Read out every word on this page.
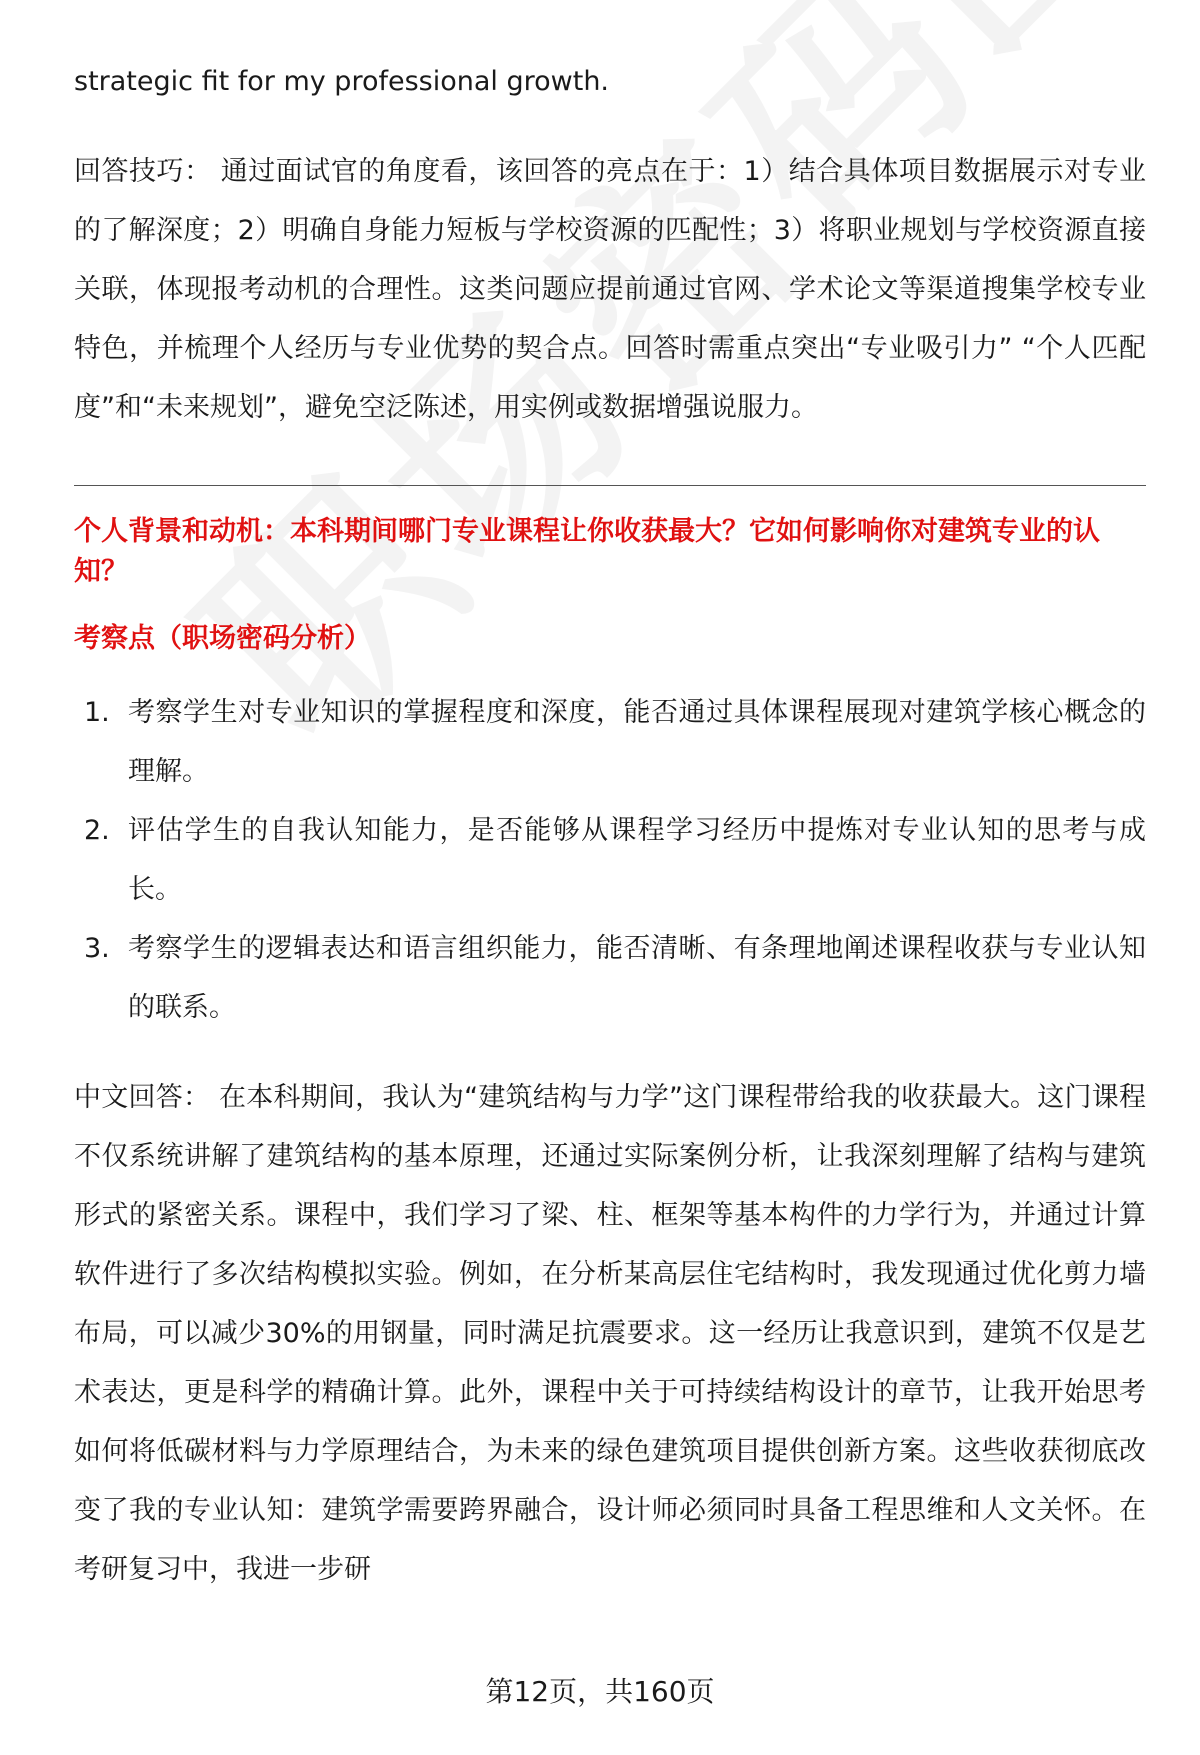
strategic fit for my professional growth.

回答技巧： 通过面试官的角度看，该回答的亮点在于：1）结合具体项目数据展示对专业的了解深度；2）明确自身能力短板与学校资源的匹配性；3）将职业规划与学校资源直接关联，体现报考动机的合理性。这类问题应提前通过官网、学术论文等渠道搜集学校专业特色，并梳理个人经历与专业优势的契合点。回答时需重点突出“专业吸引力” “个人匹配度”和“未来规划”，避免空泛陈述，用实例或数据增强说服力。

个人背景和动机：本科期间哪门专业课程让你收获最大？它如何影响你对建筑专业的认知？
考察点（职场密码分析）
1. 考察学生对专业知识的掌握程度和深度，能否通过具体课程展现对建筑学核心概念的理解。
2. 评估学生的自我认知能力，是否能够从课程学习经历中提炼对专业认知的思考与成长。
3. 考察学生的逻辑表达和语言组织能力，能否清晰、有条理地阐述课程收获与专业认知的联系。

中文回答： 在本科期间，我认为“建筑结构与力学”这门课程带给我的收获最大。这门课程不仅系统讲解了建筑结构的基本原理，还通过实际案例分析，让我深刻理解了结构与建筑形式的紧密关系。课程中，我们学习了梁、柱、框架等基本构件的力学行为，并通过计算软件进行了多次结构模拟实验。例如，在分析某高层住宅结构时，我发现通过优化剪力墙布局，可以减少30%的用钢量，同时满足抗震要求。这一经历让我意识到，建筑不仅是艺术表达，更是科学的精确计算。此外，课程中关于可持续结构设计的章节，让我开始思考如何将低碳材料与力学原理结合，为未来的绿色建筑项目提供创新方案。这些收获彻底改变了我的专业认知：建筑学需要跨界融合，设计师必须同时具备工程思维和人文关怀。在考研复习中，我进一步研

第12页，共160页
